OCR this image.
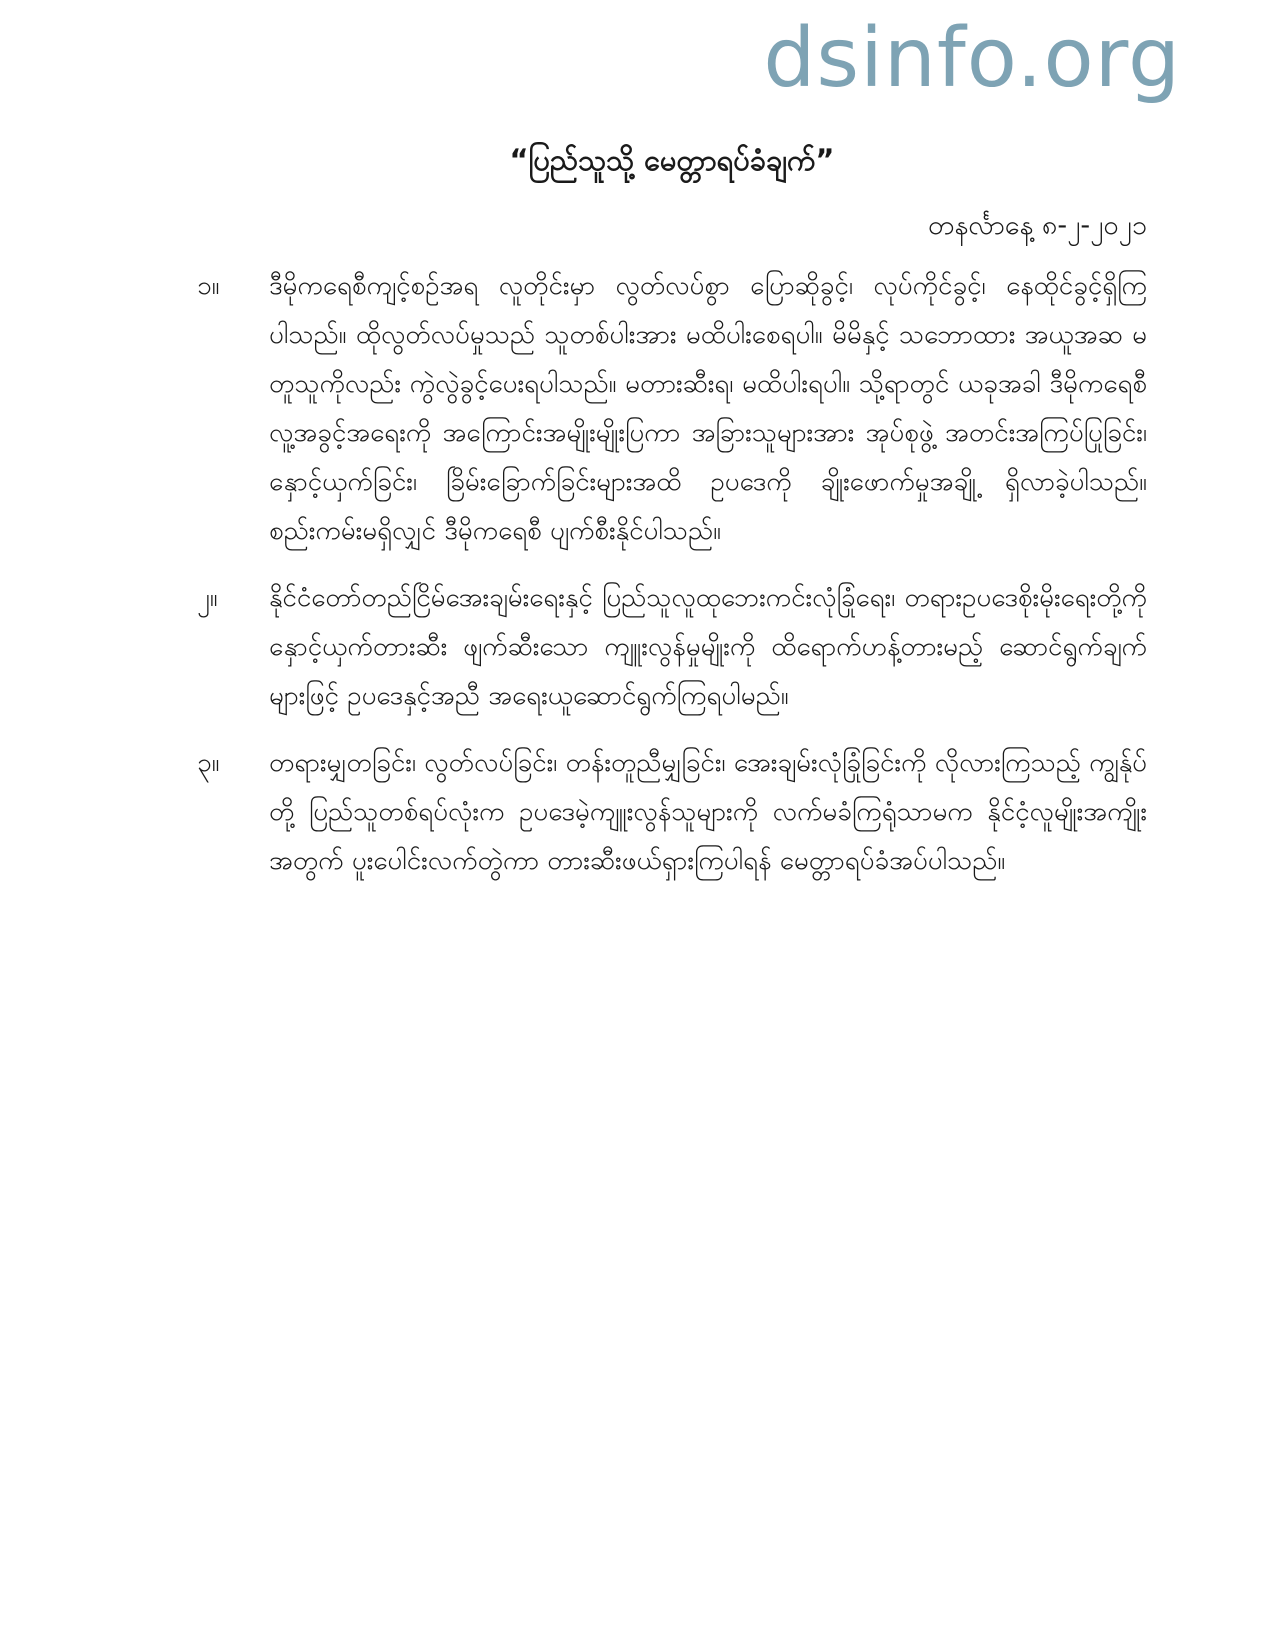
dsinfo.org
“ပြည်သူသို့ မေတ္တာရပ်ခံချက်”
တနင်္လာနေ့ ၈-၂-၂၀၂၁
၁။	ဒီမိုကရေစီကျင့်စဉ်အရ လူတိုင်းမှာ လွတ်လပ်စွာ ပြောဆိုခွင့်၊ လုပ်ကိုင်ခွင့်၊ နေထိုင်ခွင့်ရှိကြပါသည်။ ထိုလွတ်လပ်မှုသည် သူတစ်ပါးအား မထိပါးစေရပါ။ မိမိနှင့် သဘောထား အယူအဆ မတူသူကိုလည်း ကွဲလွဲခွင့်ပေးရပါသည်။ မတားဆီးရ၊ မထိပါးရပါ။ သို့ရာတွင် ယခုအခါ ဒီမိုကရေစီလူ့အခွင့်အရေးကို အကြောင်းအမျိုးမျိုးပြကာ အခြားသူများအား အုပ်စုဖွဲ့ အတင်းအကြပ်ပြုခြင်း၊ နှောင့်ယှက်ခြင်း၊ ခြိမ်းခြောက်ခြင်းများအထိ ဥပဒေကို ချိုးဖောက်မှုအချို့ ရှိလာခဲ့ပါသည်။ စည်းကမ်းမရှိလျှင် ဒီမိုကရေစီ ပျက်စီးနိုင်ပါသည်။
၂။	နိုင်ငံတော်တည်ငြိမ်အေးချမ်းရေးနှင့် ပြည်သူလူထုဘေးကင်းလုံခြုံရေး၊ တရားဥပဒေစိုးမိုးရေးတို့ကို နှောင့်ယှက်တားဆီး ဖျက်ဆီးသော ကျူးလွန်မှုမျိုးကို ထိရောက်ဟန့်တားမည့် ဆောင်ရွက်ချက်များဖြင့် ဥပဒေနှင့်အညီ အရေးယူဆောင်ရွက်ကြရပါမည်။
၃။	တရားမျှတခြင်း၊ လွတ်လပ်ခြင်း၊ တန်းတူညီမျှခြင်း၊ အေးချမ်းလုံခြုံခြင်းကို လိုလားကြသည့် ကျွန်ုပ်တို့ ပြည်သူတစ်ရပ်လုံးက ဥပဒေမဲ့ကျူးလွန်သူများကို လက်မခံကြရုံသာမက နိုင်ငံ့လူမျိုးအကျိုးအတွက် ပူးပေါင်းလက်တွဲကာ တားဆီးဖယ်ရှားကြပါရန် မေတ္တာရပ်ခံအပ်ပါသည်။
